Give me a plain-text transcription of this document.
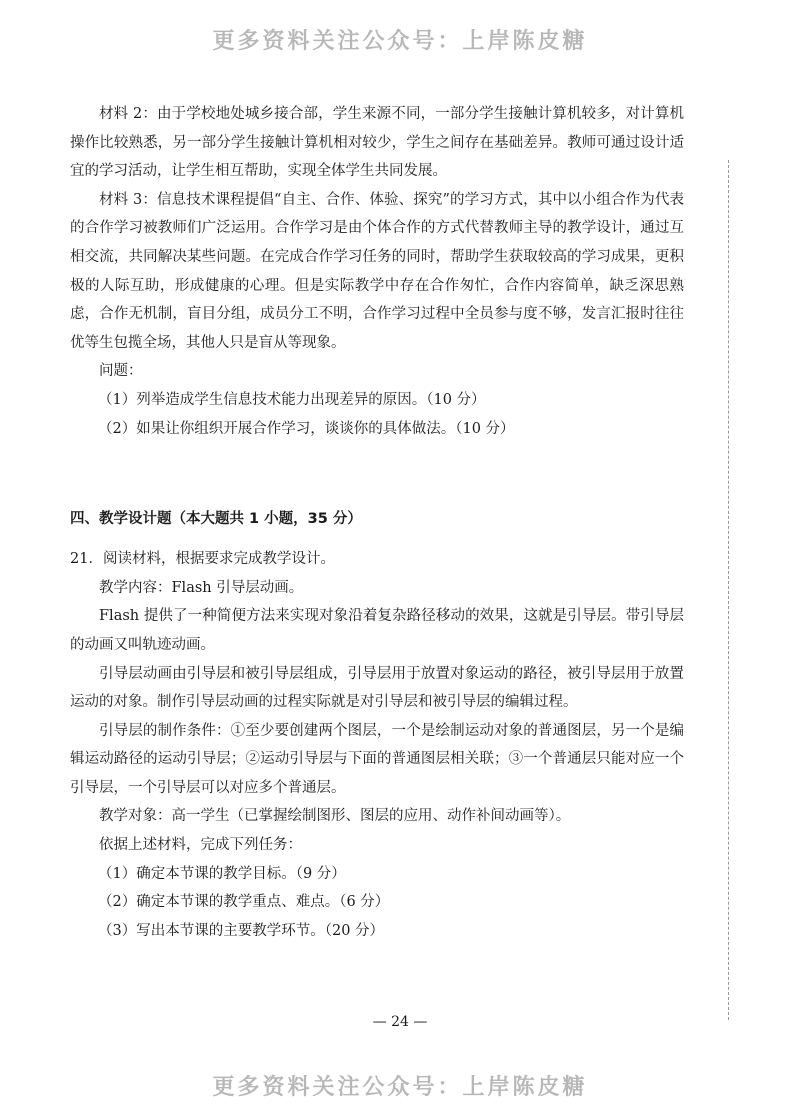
更多资料关注公众号：上岸陈皮糖

材料 2：由于学校地处城乡接合部，学生来源不同，一部分学生接触计算机较多，对计算机操作比较熟悉，另一部分学生接触计算机相对较少，学生之间存在基础差异。教师可通过设计适宜的学习活动，让学生相互帮助，实现全体学生共同发展。

材料 3：信息技术课程提倡“自主、合作、体验、探究”的学习方式，其中以小组合作为代表的合作学习被教师们广泛运用。合作学习是由个体合作的方式代替教师主导的教学设计，通过互相交流，共同解决某些问题。在完成合作学习任务的同时，帮助学生获取较高的学习成果，更积极的人际互助，形成健康的心理。但是实际教学中存在合作匆忙，合作内容简单，缺乏深思熟虑，合作无机制，盲目分组，成员分工不明，合作学习过程中全员参与度不够，发言汇报时往往优等生包揽全场，其他人只是盲从等现象。

问题：

（1）列举造成学生信息技术能力出现差异的原因。（10 分）

（2）如果让你组织开展合作学习，谈谈你的具体做法。（10 分）

四、教学设计题（本大题共 1 小题，35 分）

21．阅读材料，根据要求完成教学设计。

教学内容：Flash 引导层动画。

Flash 提供了一种简便方法来实现对象沿着复杂路径移动的效果，这就是引导层。带引导层的动画又叫轨迹动画。

引导层动画由引导层和被引导层组成，引导层用于放置对象运动的路径，被引导层用于放置运动的对象。制作引导层动画的过程实际就是对引导层和被引导层的编辑过程。

引导层的制作条件：①至少要创建两个图层，一个是绘制运动对象的普通图层，另一个是编辑运动路径的运动引导层；②运动引导层与下面的普通图层相关联；③一个普通层只能对应一个引导层，一个引导层可以对应多个普通层。

教学对象：高一学生（已掌握绘制图形、图层的应用、动作补间动画等）。

依据上述材料，完成下列任务：

（1）确定本节课的教学目标。（9 分）

（2）确定本节课的教学重点、难点。（6 分）

（3）写出本节课的主要教学环节。（20 分）

— 24 —
更多资料关注公众号：上岸陈皮糖
